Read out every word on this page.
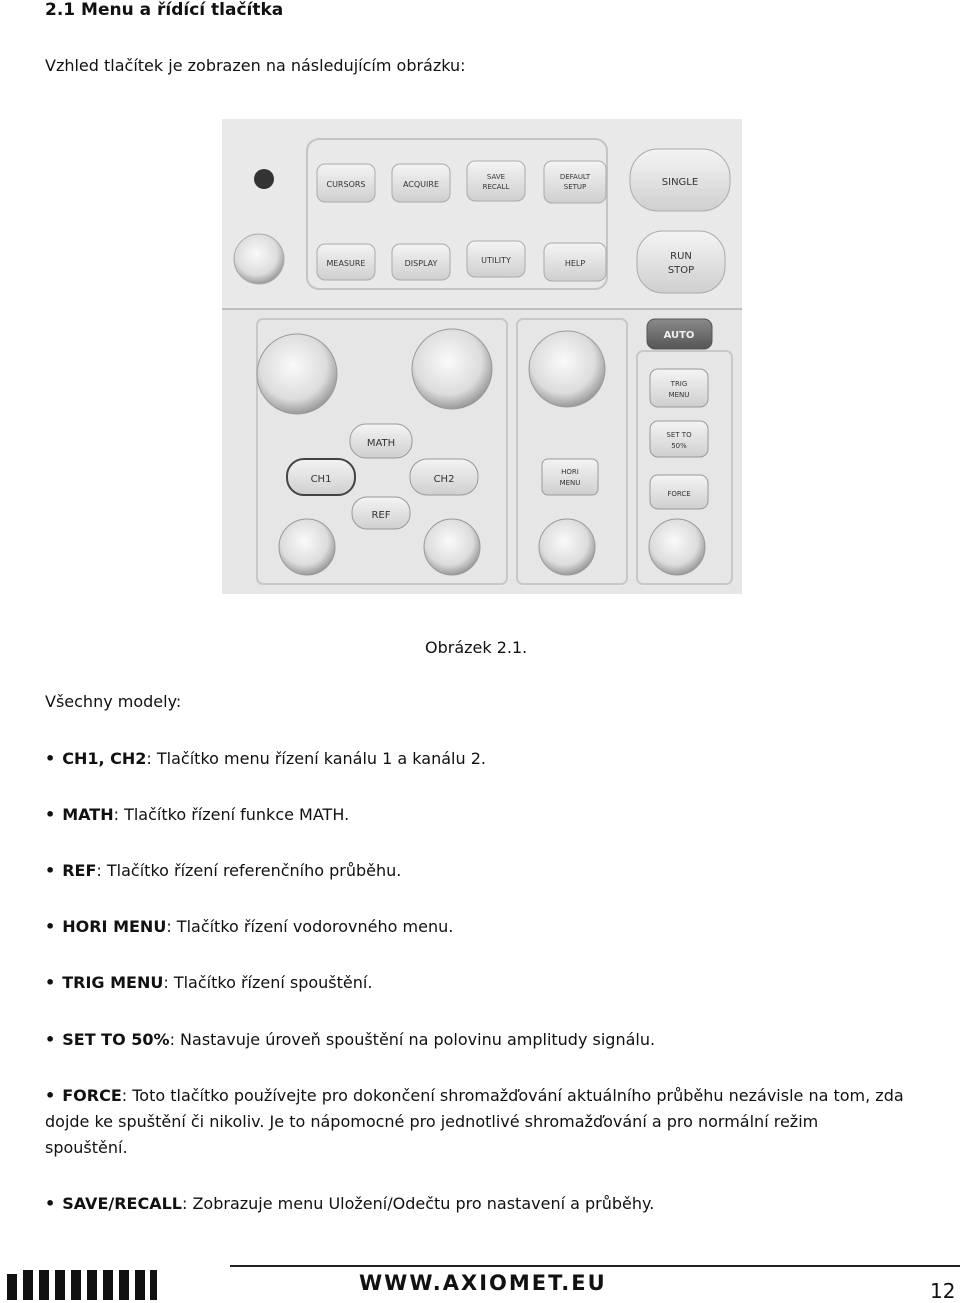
2.1 Menu a řídící tlačítka
Vzhled tlačítek je zobrazen na následujícím obrázku:
CURSORS	ACQUIRE
SAVE
RECALL
DEFAULT
SETUP	SINGLE
MEASURE	DISPLAY	UTILITY	HELP
RUN
STOP
AUTO
MATH
CH1	CH2
REF
HORI
MENU
TRIG
MENU
SET TO
50%
FORCE
Obrázek 2.1.
Všechny modely:
• CH1, CH2: Tlačítko menu řízení kanálu 1 a kanálu 2.
• MATH: Tlačítko řízení funkce MATH.
• REF: Tlačítko řízení referenčního průběhu.
• HORI MENU: Tlačítko řízení vodorovného menu.
• TRIG MENU: Tlačítko řízení spouštění.
• SET TO 50%: Nastavuje úroveň spouštění na polovinu amplitudy signálu.
• FORCE: Toto tlačítko používejte pro dokončení shromažďování aktuálního průběhu nezávisle na tom, zda dojde ke spuštění či nikoliv. Je to nápomocné pro jednotlivé shromažďování a pro normální režim spouštění.
• SAVE/RECALL: Zobrazuje menu Uložení/Odečtu pro nastavení a průběhy.
WWW.AXIOMET.EU	12
